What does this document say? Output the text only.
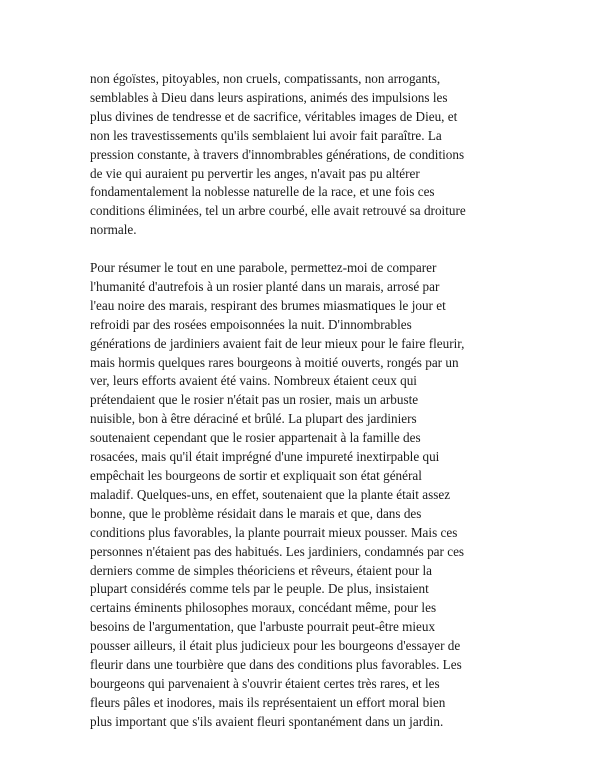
non égoïstes, pitoyables, non cruels, compatissants, non arrogants,
semblables à Dieu dans leurs aspirations, animés des impulsions les
plus divines de tendresse et de sacrifice, véritables images de Dieu, et
non les travestissements qu'ils semblaient lui avoir fait paraître. La
pression constante, à travers d'innombrables générations, de conditions
de vie qui auraient pu pervertir les anges, n'avait pas pu altérer
fondamentalement la noblesse naturelle de la race, et une fois ces
conditions éliminées, tel un arbre courbé, elle avait retrouvé sa droiture
normale.

Pour résumer le tout en une parabole, permettez-moi de comparer
l'humanité d'autrefois à un rosier planté dans un marais, arrosé par
l'eau noire des marais, respirant des brumes miasmatiques le jour et
refroidi par des rosées empoisonnées la nuit. D'innombrables
générations de jardiniers avaient fait de leur mieux pour le faire fleurir,
mais hormis quelques rares bourgeons à moitié ouverts, rongés par un
ver, leurs efforts avaient été vains. Nombreux étaient ceux qui
prétendaient que le rosier n'était pas un rosier, mais un arbuste
nuisible, bon à être déraciné et brûlé. La plupart des jardiniers
soutenaient cependant que le rosier appartenait à la famille des
rosacées, mais qu'il était imprégné d'une impureté inextirpable qui
empêchait les bourgeons de sortir et expliquait son état général
maladif. Quelques-uns, en effet, soutenaient que la plante était assez
bonne, que le problème résidait dans le marais et que, dans des
conditions plus favorables, la plante pourrait mieux pousser. Mais ces
personnes n'étaient pas des habitués. Les jardiniers, condamnés par ces
derniers comme de simples théoriciens et rêveurs, étaient pour la
plupart considérés comme tels par le peuple. De plus, insistaient
certains éminents philosophes moraux, concédant même, pour les
besoins de l'argumentation, que l'arbuste pourrait peut-être mieux
pousser ailleurs, il était plus judicieux pour les bourgeons d'essayer de
fleurir dans une tourbière que dans des conditions plus favorables. Les
bourgeons qui parvenaient à s'ouvrir étaient certes très rares, et les
fleurs pâles et inodores, mais ils représentaient un effort moral bien
plus important que s'ils avaient fleuri spontanément dans un jardin.
